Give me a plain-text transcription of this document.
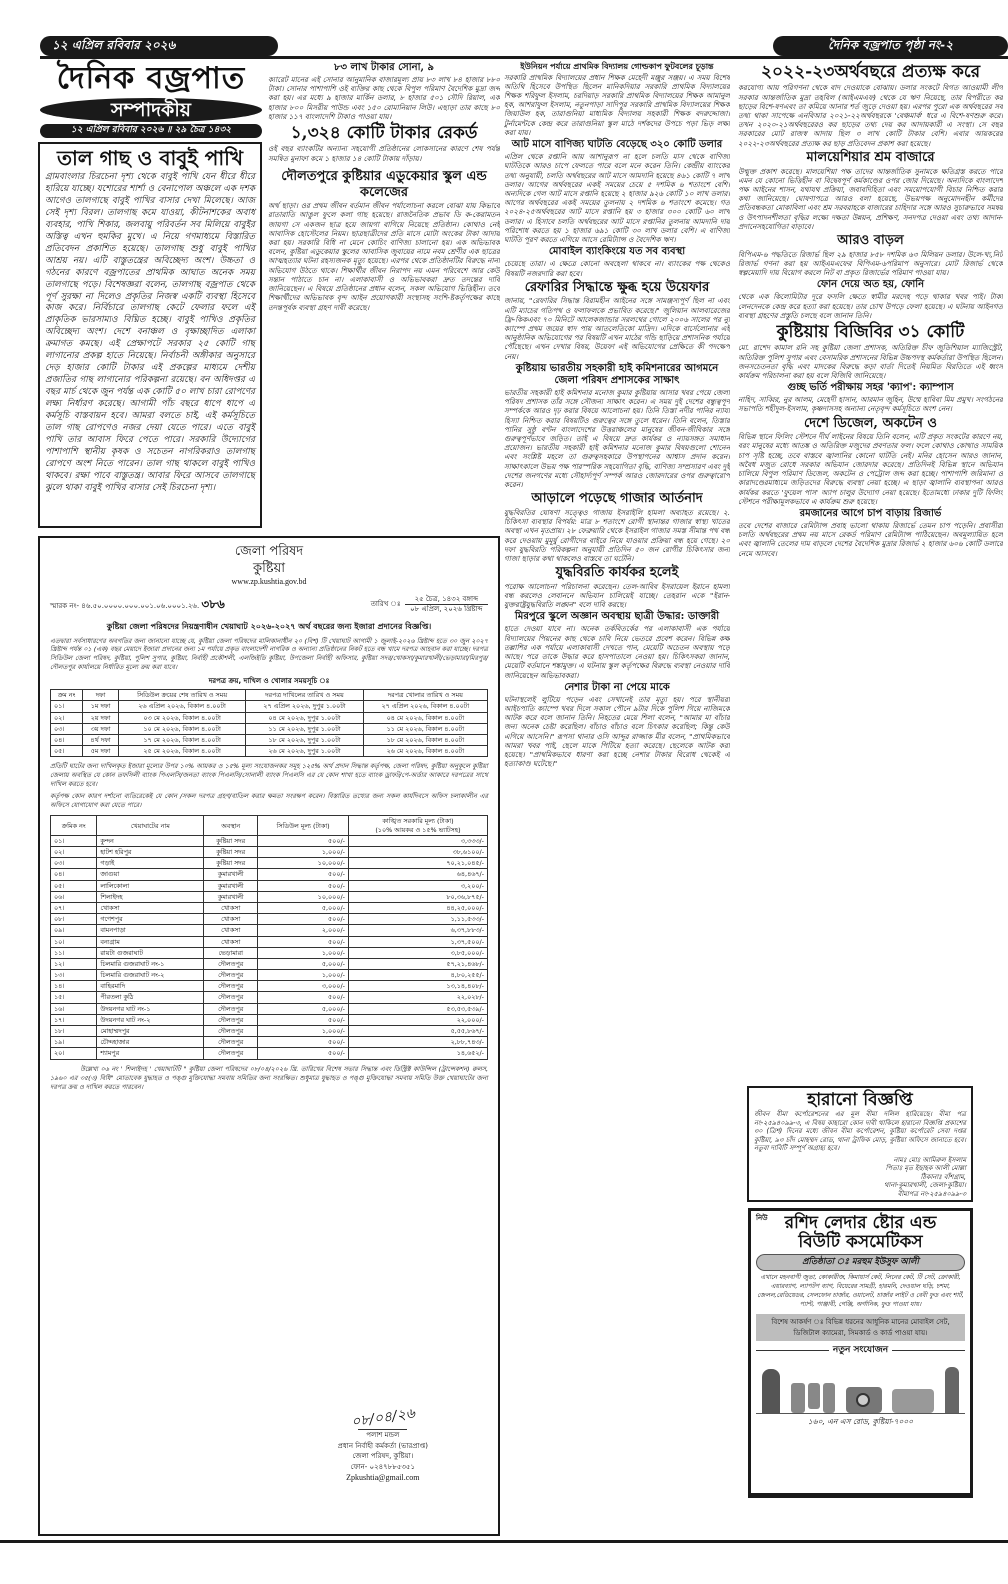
১২ এপ্রিল রবিবার ২০২৬	দৈনিক বজ্রপাত পৃষ্ঠা নং-২
দৈনিক বজ্রপাত
সম্পাদকীয়
১২ এপ্রিল রবিবার ২০২৬ ॥ ২৯ চৈত্র ১৪৩২
তাল গাছ ও বাবুই পাখি

গ্রামবাংলার চিরচেনা দৃশ্য থেকে বাবুই পাখি যেন ধীরে ধীরে হারিয়ে যাচ্ছে। যশোরের শার্শা ও বেনাপোল অঞ্চলে এক দশক আগেও তালগাছে বাবুই পাখির বাসার দেখা মিলেছে। আজ সেই দৃশ্য বিরল। তালগাছ কমে যাওয়া, কীটনাশকের অবাধ ব্যবহার, পাখি শিকার, জলবায়ু পরিবর্তন সব মিলিয়ে বাবুইর অস্তিত্ব এখন হুমকির মুখে। এ নিয়ে গণমাধ্যমে বিস্তারিত প্রতিবেদন প্রকাশিত হয়েছে। তালগাছ শুধু বাবুই পাখির আশ্রয় নয়। এটি বাস্তুতন্ত্রের অবিচ্ছেদ্য অংশ। উচ্চতা ও গঠনের কারণে বজ্রপাতের প্রাথমিক আঘাত অনেক সময় তালগাছে পড়ে। বিশেষজ্ঞরা বলেন, তালগাছ বজ্রপাত থেকে পূর্ণ সুরক্ষা না দিলেও প্রকৃতির নিজস্ব একটি ব্যবস্থা হিসেবে কাজ করে। নির্বিচারে তালগাছ কেটে ফেলার ফলে এই প্রাকৃতিক ভারসাম্যও বিঘ্নিত হচ্ছে। বাবুই পাখিও প্রকৃতির অবিচ্ছেদ্য অংশ। দেশে বনাঞ্চল ও বৃক্ষাচ্ছাদিত এলাকা ক্রমাগত কমছে। এই প্রেক্ষাপটে সরকার ২৫ কোটি গাছ লাগানোর প্রকল্প হাতে নিয়েছে। নির্বাচনী অঙ্গীকার অনুসারে দেড় হাজার কোটি টাকার এই প্রকল্পের মাধ্যমে দেশীয় প্রজাতির গাছ লাগানোর পরিকল্পনা রয়েছে। বন অধিদপ্তর এ বছর মার্চ থেকে জুন পর্যন্ত এক কোটি ৫০ লাখ চারা রোপণের লক্ষ্য নির্ধারণ করেছে। আগামী পাঁচ বছরে ধাপে ধাপে এ কর্মসূচি বাস্তবায়ন হবে। আমরা বলতে চাই, এই কর্মসূচিতে তাল গাছ রোপণেও নজর দেয়া যেতে পারে। এতে বাবুই পাখি তার আবাস ফিরে পেতে পারে। সরকারি উদ্যোগের পাশাপাশি স্থানীয় কৃষক ও সচেতন নাগরিকরাও তালগাছ রোপণে অংশ নিতে পারেন। তাল গাছ থাকলে বাবুই পাখিও থাকবে। রক্ষা পাবে বাস্তুতন্ত্র। আবার ফিরে আসবে তালগাছে ঝুলে থাকা বাবুই পাখির বাসার সেই চিরচেনা দৃশ্য।

৮৩ লাখ টাকার সোনা, ৯

ক্যারেট মানের এই সোনার আনুমানিক বাজারমূল্য প্রায় ৮৩ লাখ ৮৪ হাজার ৮৮০ টাকা। সোনার পাশাপাশি ওই ব্যক্তির কাছ থেকে বিপুল পরিমাণ বৈদেশিক মুদ্রা জব্দ করা হয়। এর মধ্যে ৯ হাজার মার্কিন ডলার, ৮ হাজার ৫০১ সৌদি রিয়াল, এক হাজার ৮০০ মিসরীয় পাউন্ড এবং ১৫০ রোমানিয়ান লিউ। এছাড়া তার কাছে ৮০ হাজার ১১৭ বাংলাদেশি টাকাও পাওয়া যায়।

১,৩২৪ কোটি টাকার রেকর্ড

ওই বছর ব্যাংকটির অন্যান্য সহযোগী প্রতিষ্ঠানের লোকসানের কারণে শেষ পর্যন্ত সমন্বিত মুনাফা কমে ১ হাজার ১৪ কোটি টাকায় দাঁড়ায়।

দৌলতপুরে কুষ্টিয়ার এডুকেয়ার স্কুল এন্ড কলেজের

অর্থ ছাড়া। ওর প্রথম জীবন বর্তমান জীবন পর্যালোচনা করলে বোঝা যায় কিভাবে রাতারাতি আঙুল ফুলে কলা গাছ হয়েছে। রাজনৈতিক প্রভাব ডি ক-কেরামতন জায়গা সে একজন ছাত্র হয়ে জায়গা বাগিয়ে নিয়েছে প্রতিষ্ঠান। কোথাও নেই আবাসিক হোস্টেলের নিয়ম। ছাত্রছাত্রীদের প্রতি মাসে মোটা অংকের টাকা আদায় করা হয়। সরকারি বিধি না মেনে কোচিং বাণিজ্য চালানো হয়। এক অভিভাবক বলেন, কুষ্টিয়া এডুকেয়ার স্কুলের আবাসিক জুবায়ের নামে নবম শ্রেণীর এক ছাত্রের আত্মহত্যার ঘটনা রহস্যজনক মৃত্যু হয়েছে। এরপর থেকে প্রতিষ্ঠানটির বিরুদ্ধে নানা অভিযোগ উঠতে থাকে। শিক্ষার্থীর জীবন নিরাপদ নয় এমন পরিবেশে আর কেউ সন্তান পাঠাতে চান না। এলাকাবাসী ও অভিভাবকরা দ্রুত তদন্তের দাবি জানিয়েছেন। এ বিষয়ে প্রতিষ্ঠানের প্রধান বলেন, সকল অভিযোগ ভিত্তিহীন। তবে শিক্ষার্থীদের অভিভাবক বৃন্দ আইন প্রয়োগকারী সংস্থাসহ সংশি-ষ্টকর্তৃপক্ষের কাছে তদন্তপূর্বক ব্যবস্থা গ্রহণ দাবী করেছে।

জেলা পরিষদ
কুষ্টিয়া
www.zp.kushtia.gov.bd
স্মারক নং- ৪৬.৫০.০০০০.০০০.০০১.০৬.০০০১.২৬. ৩৮৬	তারিখ ঃ
২৫ চৈত্র, ১৪৩২ বঙ্গাব্দ
০৮ এপ্রিল, ২০২৬ খ্রিষ্টাব্দ
কুষ্টিয়া জেলা পরিষদের নিয়ন্ত্রণাধীন খেয়াঘাট ২০২৬-২০২৭ অর্থ বছরের জন্য ইজারা প্রদানের বিজ্ঞপ্তি।

এতদ্বারা সর্বসাধারণের অবগতির জন্য জানানো যাচ্ছে যে, কুষ্টিয়া জেলা পরিষদের মালিকানাধীন ২০ (বিশ) টি খেয়াঘাট আগামী ১ জুলাই-২০২৬ খ্রিষ্টাব্দ হতে ৩০ জুন ২০২৭ খ্রিষ্টাব্দ পর্যন্ত ০১ (এক) বছর মেয়াদে ইজারা প্রদানের জন্য ১ম পর্যায়ে প্রকৃত বাংলাদেশী নাগরিক ও অন্যান্য প্রতিষ্ঠানের নিকট হতে বন্ধ খামে দরপত্র আহবান করা যাচ্ছে। দরপত্র সিডিউল জেলা পরিষদ, কুষ্টিয়া, পুলিশ সুপার, কুষ্টিয়া, নির্বাহী প্রকৌশলী, এলজিইডি কুষ্টিয়া, উপজেলা নির্বাহী অফিসার, কুষ্টিয়া সদর/খোকসা/কুমারখালী/ভেড়ামারা/মিরপুর/দৌলতপুর কার্যালয়ে নির্ধারিত মূল্যে ক্রয় করা যাবে।

দরপত্র ক্রয়, দাখিল ও খোলার সময়সূচি ঃ
ক্রম নং	দফা	সিডিউল ক্রয়ের শেষ তারিখ ও সময়	দরপত্র দাখিলের তারিখ ও সময়	দরপত্র খোলার তারিখ ও সময়
০১।	১ম দফা	২৬ এপ্রিল ২০২৬, বিকাল ৪.০০টা	২৭ এপ্রিল ২০২৬, দুপুর ১.০০টা	২৭ এপ্রিল ২০২৬, বিকাল ৪.০০টা
০২।	২য় দফা	০৩ মে ২০২৬, বিকাল ৪.০০টা	০৪ মে ২০২৬, দুপুর ১.০০টা	০৪ মে ২০২৬, বিকাল ৪.০০টা
০৩।	৩য় দফা	১০ মে ২০২৬, বিকাল ৪.০০টা	১১ মে ২০২৬, দুপুর ১.০০টা	১১ মে ২০২৬, বিকাল ৪.০০টা
০৪।	৪র্থ দফা	১৭ মে ২০২৬, বিকাল ৪.০০টা	১৮ মে ২০২৬, দুপুর ১.০০টা	১৮ মে ২০২৬, বিকাল ৪.০০টা
০৫।	৫ম দফা	২৫ মে ২০২৬, বিকাল ৪.০০টা	২৬ মে ২০২৬, দুপুর ১.০০টা	২৬ মে ২০২৬, বিকাল ৪.০০টা

প্রতিটি ঘাটের জন্য দাখিলকৃত ইজারা মূল্যের উপর ১০% আয়কর ও ১৫% মূল্য সংযোজনকর সমূহ ১২৫% অর্থ প্রদান সিদ্ধান্ত কর্তৃপক্ষ, জেলা পরিষদ, কুষ্টিয়া অনুকূলে কুষ্টিয়া জেলায় অবস্থিত যে কোন তফসিলী ব্যাংক পিএলসি/জনতা ব্যাংক পিএলসি/সোনালী ব্যাংক পিএলসি এর যে কোন শাখা হতে ব্যাংক ড্রাফট/পে-অর্ডার আকারে দরপত্রের সাথে দাখিল করতে হবে।

কর্তৃপক্ষ কোন কারণ দর্শানো ব্যতিরেকেই যে কোন /সকল দরপত্র গ্রহণ/বাতিল করার ক্ষমতা সংরক্ষণ করেন। বিস্তারিত তথ্যের জন্য সকল কার্যদিবসে অফিস চলাকালীন এর অফিসে যোগাযোগ করা যেতে পারে।

ক্রমিক নং	খেয়াঘাটের নাম	অবস্থান	সিডিউল মূল্য (টাকা)	কাঙ্খিত সরকারি মূল্য (টাকা)
(১০% আয়কর ও ১৫% ভ্যাটসহ)
০১।	কুন্দন	কুষ্টিয়া সদর	৫০০/-	৩,৩৩৩/-
০২।	হাটশ হরিপুর	কুষ্টিয়া সদর	১,০০০/-	৩৮,৬১০০/-
০৩।	গড়াই	কুষ্টিয়া সদর	১০,০০০/-	৭০,২১,০৪৫/-
০৪।	জাগুয়া	কুমারখালী	৫০০/-	৬৪,৪৬৭/-
০৫।	লালিকোলা	কুমারখালী	৫০০/-	৩,২০০/-
০৬।	শিলাইদহ	কুমারখালী	১০,০০০/-	৮০,৩৬,৮৭৫/-
০৭।	খোকসা	খোকসা	৫,০০০/-	৪৪,২৫,০০০/-
০৮।	গণেশপুর	খোকসা	৫০০/-	১,১১,৫৩৩/-
০৯।	বামনপাড়া	খোকসা	২,০০০/-	৬,৩৭,৮৮৩/-
১০।	বন্যগ্রাম	খোকসা	৫০০/-	১,৩৭,৫০০/-
১১।	রায়টা গুজরাঘাট	ভেড়ামারা	১,০০০/-	৩,৮৫,০০০/-
১২।	চিলমারি গুজরাঘাট নং-১	দৌলতপুর	৫,০০০/-	৫৭,২১,৪৬৮/-
১৩।	চিলমারি গুজরাঘাট নং-২	দৌলতপুর	১,০০০/-	৪,৮০,২৫৫/-
১৪।	বাহিরমাদি	দৌলতপুর	৩,০০০/-	১৩,১৪,৪০৮/-
১৫।	পীরতলা কুঠি	দৌলতপুর	৫০০/-	২২,০২৮/-
১৬।	উদয়নগর ঘাট নং-১	দৌলতপুর	৫,০০০/-	৫৩,৫৩,৫৩৯/-
১৭।	উদয়নগর ঘাট নং-২	দৌলতপুর	৫০০/-	২২,০০০/-
১৮।	মোহাম্মদপুর	দৌলতপুর	১,০০০/-	৫,৫৫,৮৬৭/-
১৯।	চৌদ্দহাজার	দৌলতপুর	৫০০/-	২,৮৮,৭৪৩/-
২০।	শ্যামপুর	দৌলতপুর	৫০০/-	১৪,৬৫২/-

উল্লেখ্য ০৬ নং ' শিলাইদহ ' খেয়াঘাটটি " কুষ্টিয়া জেলা পরিষদের ০৮/০৪/২০২৬ খ্রি. তারিখের বিশেষ সভার সিদ্ধান্ত এবং ডিস্ট্রিক্ট কাউন্সিল (ট্রান্সেকশন) রুলস, ১৯৬০ এর ৩৫(৩) বিধি" মোতাবেক যুদ্ধাহত ও পঙ্গু মুক্তিযোদ্ধা সমবায় সমিতির জন্য সংরক্ষিত। শুধুমাত্র যুদ্ধাহত ও পঙ্গু মুক্তিযোদ্ধা সমবায় সমিতি উক্ত খেয়াঘাটের জন্য দরপত্র ক্রয় ও দাখিল করতে পারবেন।

০৮/০৪/২৬
পলাশ মন্ডল
প্রধান নির্বাহী কর্মকর্তা (ভারপ্রাপ্ত)
জেলা পরিষদ, কুষ্টিয়া।
ফোন- ০২৪৭৮৮৫৩৫১
Zpkushtia@gmail.com
ইউনিয়ন পর্যায়ে প্রাথমিক বিদ্যালয় গোল্ডকাপ ফুটবলের চূড়ান্ত

সরকারি প্রাথমিক বিদ্যালয়ের প্রধান শিক্ষক মেহেদী মঞ্জুর সঞ্জয়। এ সময় বিশেষ অতিথি হিসেবে উপস্থিত ছিলেন মানিকদিয়ার সরকারি প্রাথমিক বিদ্যালয়ের শিক্ষক শরিফুল ইসলাম, চরদিয়াড় সরকারি প্রাথমিক বিদ্যালয়ের শিক্ষক আমানুল হক, আশরাফুল ইসলাম, নতুনপাড়া সাদিপুর সরকারি প্রাথমিক বিদ্যালয়ের শিক্ষক জিয়াউল হক, তারাগুনিয়া মাধ্যমিক বিদ্যালয় সহকারী শিক্ষক বদরুদ্দোজা। টুর্নামেন্টকে কেন্দ্র করে তারাগুনিয়া স্কুল মাঠে দর্শকদের উপচে পড়া ভিড় লক্ষ্য করা যায়।

আট মাসে বাণিজ্য ঘাটতি বেড়েছে ৩২০ কোটি ডলার

এপ্রিল থেকে রপ্তানি আয় আশানুরূপ না হলে চলতি মাস থেকে বাণিজ্য ঘাটতিকে আরও চাপে ফেলতে পারে বলে মনে করেন তিনি। কেন্দ্রীয় ব্যাংকের তথ্য অনুযায়ী, চলতি অর্থবছরের আট মাসে আমদানি হয়েছে ৪৬১ কোটি ৭ লাখ ডলার। আগের অর্থবছরের একই সময়ের চেয়ে ৫ দশমিক ৬ শতাংশে বেশি। অন্যদিকে গেল আট মাসে রপ্তানি হয়েছে ২ হাজার ৯২৬ কোটি ১০ লাখ ডলার। আগের অর্থবছরের একই সময়ের তুলনায় ২ দশমিক ৬ শতাংশে কমেছে। গত ২০২৪-২৫অর্থবছরের আট মাসে রপ্তানি হয় ৩ হাজার ৩০০ কোটি ৬০ লাখ ডলার। এ হিসাবে চলতি অর্থবছরের আট মাসে রপ্তানির তুলনায় আমদানি দায় পরিশোধ করতে হয় ১ হাজার ৬৯১ কোটি ৩০ লাখ ডলার বেশি। এ বাণিজ্য ঘাটতি পূরণ করতে এগিয়ে আসে রেমিট্যান্স ও বৈদেশিক ঋণ।

মোবাইল ব্যাংকিংয়ে যত সব ব্যবস্থা

চেয়েছে তারা। এ ক্ষেত্রে কোনো অবহেলা থাকবে না। ব্যাংকের পক্ষ থেকেও বিষয়টি নজরদারি করা হবে।

রেফারির সিদ্ধান্তে ক্ষুব্ধ হয়ে উয়েফার

জানায়, "রেফারির সিদ্ধান্ত বিরামহীন আইনের সঙ্গে সামঞ্জস্যপূর্ণ ছিল না এবং এটি ম্যাচের গতিপথ ও ফলাফলকে প্রভাবিত করেছে।" জুলিয়ান আলবারেজের ফ্রি-কিকএবং ৭০ মিনিটে আলেকজান্ডার সরলথের গোলে ২০০৬ সালের পর ন্যু ক্যাম্পে প্রথম জয়ের স্বাদ পায় আতলেতিকো মাদ্রিদ। এদিকে বার্সেলোনার এই আনুষ্ঠানিক অভিযোগের পর বিষয়টি এখন মাঠের গন্ডি ছাড়িয়ে প্রশাসনিক পর্যায়ে পৌঁছেছে। এখন দেখার বিষয়, উয়েফা এই অভিযোগের প্রেক্ষিতে কী পদক্ষেপ নেয়।

কুষ্টিয়ায় ভারতীয় সহকারী হাই কমিশনারের আগমনে জেলা পরিষদ প্রশাসকের সাক্ষাৎ

ভারতীয় সহকারী হাই কমিশনার মনোজ কুমার কুষ্টিয়ায় আসার খবর পেয়ে জেলা পরিষদ প্রশাসক তাঁর সঙ্গে সৌজন্য সাক্ষাৎ করেন। এ সময় দুই দেশের বন্ধুত্বপূর্ণ সম্পর্ককে আরও দৃঢ় করার বিষয়ে আলোচনা হয়। তিনি তিস্তা নদীর পানির ন্যায্য হিস্যা নিশ্চিত করার বিষয়টিও গুরুত্বের সঙ্গে তুলে ধরেন। তিনি বলেন, তিস্তার পানির সুষ্ঠু বণ্টন বাংলাদেশের উত্তরাঞ্চলের মানুষের জীবন-জীবিকার সঙ্গে গুরুত্বপূর্ণভাবে জড়িত। তাই এ বিষয়ে দ্রুত কার্যকর ও ন্যায়সঙ্গত সমাধান প্রয়োজন। ভারতীয় সহকারী হাই কমিশনার মনোজ কুমার বিষয়গুলো শোনেন এবং সংশ্লিষ্ট মহলে তা গুরুত্বসহকারে উপস্থাপনের আশ্বাস প্রদান করেন। সাক্ষাৎকালে উভয় পক্ষ পারস্পরিক সহযোগিতা বৃদ্ধি, বাণিজ্য সম্প্রসারণ এবং দুই দেশের জনগণের মধ্যে সৌহার্দ্যপূর্ণ সম্পর্ক আরও জোরদারের ওপর গুরুত্বারোপ করেন।

আড়ালে পড়েছে গাজার আর্তনাদ

যুদ্ধবিরতির ঘোষণা সত্ত্বেও গাজায় ইসরাইলি হামলা অব্যাহত রয়েছে। ২. চিকিৎসা ব্যবস্থার বিপর্যয়: মাত্র ৮ শতাংশে রোগী স্থানান্তর গাজার স্বাস্থ্য খাতের অবস্থা এখন মৃতপ্রায়। ২৮ ফেব্রুয়ারি থেকে ইসরাইল গাজার সমস্ত সীমান্ত পথ বন্ধ করে দেওয়ায় মুমূর্ষু রোগীদের বাইরে নিয়ে যাওয়ার প্রক্রিয়া বন্ধ হয়ে গেছে। ২০ দফা যুদ্ধবিরতি পরিকল্পনা অনুযায়ী প্রতিদিন ৫০ জন রোগীর চিকিৎসার জন্য গাজা ছাড়ার কথা থাকলেও বাস্তবে তা ঘটেনি।

যুদ্ধবিরতি কার্যকর হলেই

পরোক্ষ আলোচনা পরিচালনা করেছেন। তেল-আবিব ইসরায়েল ইরানে হামলা বন্ধ করলেও লেবাননে অভিযান চালিয়েই যাচ্ছে। তেহরান একে "ইরান-যুক্তরাষ্ট্রযুদ্ধবিরতি লঙ্ঘন" বলে দাবি করছে।

মিরপুরে স্কুলে অজ্ঞান অবস্থায় ছাত্রী উদ্ধার: ডাক্তারী

হাতে দেওয়া যাবে না। অনেক তর্কবিতর্কের পর এলাকাবাসী এক পর্যায়ে বিদ্যালয়ের পিয়নের কাছ থেকে চাবি নিয়ে ভেতরে প্রবেশ করেন। বিভিন্ন কক্ষ তল্লাশির এক পর্যায়ে এলাকাবাসী দেখতে পান, মেয়েটি অচেতন অবস্থায় পড়ে আছে। পরে তাকে উদ্ধার করে হাসপাতালে নেওয়া হয়। চিকিৎসকরা জানান, মেয়েটি বর্তমানে শঙ্কামুক্ত। এ ঘটনায় স্কুল কর্তৃপক্ষের বিরুদ্ধে ব্যবস্থা নেওয়ার দাবি জানিয়েছেন অভিভাবকরা।

নেশার টাকা না পেয়ে মাকে

ঘটনাস্থলেই লুটিয়ে পড়েন এবং সেখানেই তার মৃত্যু হয়। পরে স্থানীয়রা আইচপাতি ক্যাম্পে খবর দিলে সকাল পৌনে ৯টার দিকে পুলিশ গিয়ে নাজিমকে আটক করে বলে জানান তিনি। নিহতের মেয়ে শিলা বলেন, "আমার মা বাঁচার জন্য অনেক চেষ্টা করেছিল। বাঁচাও বাঁচাও বলে চিৎকার করেছিল; কিন্তু কেউ এগিয়ে আসেনি।" রূপসা থানার ওসি আব্দুর রাজ্জাক মীর বলেন, "প্রাথমিকভাবে আমরা খবর পাই, ছেলে মাকে পিটিয়ে হত্যা করেছে। ছেলেকে আটক করা হয়েছে। "প্রাথমিকভাবে ধারণা করা হচ্ছে নেশার টাকার বিরোধ থেকেই এ হত্যাকাণ্ড ঘটেছে।"

২০২২-২৩অর্থবছরে প্রত্যক্ষ করে

করযোগ্য আয় পরিগণনা থেকে বাদ দেওয়াকে বোঝায়। ডলার সংকটে বিগত আওয়ামী লীগ সরকার আন্তর্জাতিক মুদ্রা তহবিল (আইএমএফ) থেকে যে ঋণ নিয়েছে, তার বিপরীতে কর ছাড়ের বিশে-ষণএবং তা কমিয়ে আনার শর্ত জুড়ে দেওয়া হয়। এরপর পুরো এক অর্থবছরের সব তথ্য থাকা সাপেক্ষে এনবিআর ২০২১-২২অর্থবছরকে 'বেঞ্চমার্ক' ধরে এ বিশে-ষণশুরু করে। তখন ২০২০-২১অর্থবছরেরও কর ছাড়ের তথ্য দেয় কর আদায়কারী এ সংস্থা। সে বছর সরকারের মোট রাজস্ব আদায় ছিল ৩ লাখ কোটি টাকার বেশি। এবার আয়করের ২০২২-২৩অর্থবছরের প্রত্যক্ষ কর ছাড় প্রতিবেদন প্রকাশ করা হয়েছে।

মালয়েশিয়ার শ্রম বাজারে

উন্মুক্ত প্রকাশ করেছে। মালয়েশিয়া পক্ষ তাদের আন্তর্জাতিক সুনামকে ক্ষতিগ্রস্ত করতে পারে এমন যে কোনো ভিত্তিহীন বা বিদ্বেষপূর্ণ কর্মকাণ্ডের ওপর জোর দিয়েছে। অন্যদিকে বাংলাদেশ পক্ষ আইনের শাসন, যথাযথ প্রক্রিয়া, জবাবদিহিতা এবং সময়োপযোগী বিচার নিশ্চিত করার কথা জানিয়েছে। ঘোষণাপত্রে আরও বলা হয়েছে, উভয়পক্ষ অনুমোদনহীন কর্মীদের প্রতিবন্ধকতা মোকাবিলা এবং শ্রম সরবরাহকে বাজারের চাহিদার সঙ্গে আরও সুচারুভাবে সমন্বয় ও উৎপাদনশীলতা বৃদ্ধির লক্ষ্যে দক্ষতা উন্নয়ন, প্রশিক্ষণ, সনদপত্র দেওয়া এবং তথ্য আদান-প্রদানেসহযোগিতা বাড়াবে।

আরও বাড়ল

বিপিএম-৬ পদ্ধতিতে রিজার্ভ ছিল ২৯ হাজার ৮৫৮ দশমিক ৬৩ মিলিয়ন ডলার। উলে-খ্য,নিট রিজার্ভ গণনা করা হয় আইএমএফের বিপিএম-৬পরিমাপ অনুসারে। মোট রিজার্ভ থেকে স্বল্পমেয়াদি দায় বিয়োগ করলে নিট বা প্রকৃত রিজার্ভের পরিমাণ পাওয়া যায়।

ফোন দেয়ে অত হয়, ফোনি

থেকে এক কিলোমিটার দূরে ফসলি ক্ষেতে স্বামীর মরদেহ পড়ে থাকার খবর পাই। টাকা লেনদেনকে কেন্দ্র করে হত্যা করা হয়েছে। তার চোখ উপড়ে ফেলা হয়েছে। এ ঘটনায় আইনগত ব্যবস্থা গ্রহণের প্রস্তুতি চলছে বলে জানান তিনি।

কুষ্টিয়ায় বিজিবির ৩১ কোটি

মো. রাশেদ কামাল রনি সহ কুষ্টিয়া জেলা প্রশাসক, অতিরিক্ত চীফ জুডিশিয়াল ম্যাজিস্ট্রেট, অতিরিক্ত পুলিশ সুপার এবং বেসামরিক প্রশাসনের বিভিন্ন উচ্চপদস্থ কর্মকর্তারা উপস্থিত ছিলেন। জনসচেতনতা বৃদ্ধি এবং মাদকের বিরুদ্ধে কড়া বার্তা দিতেই নিয়মিত বিরতিতে এই ধ্বংস কার্যক্রম পরিচালনা করা হয় বলে বিজিবি জানিয়েছে।

গুচ্ছ ভর্তি পরীক্ষায় সহর 'ক্যাপ': ক্যাম্পাস

নাহিদ, সাব্বির, নুর আলম, মেহেদী হাসান, আরমান জুহিন, উম্মে হাবিবা মিম প্রমুখ। সংগঠনের সভাপতি শহীদুল-ইসলাম, কৃষ্ণদাসসহ অন্যান্য নেতৃবৃন্দ কর্মসূচিতে অংশ নেন।

দেশে ডিজেল, অকটেন ও

বিভিন্ন স্থানে ফিলিং স্টেশনে দীর্ঘ লাইনের বিষয়ে তিনি বলেন, এটি প্রকৃত সংকটের কারণে নয়, বরং মানুষের মধ্যে আতঙ্ক ও অতিরিক্ত মজুদের প্রবণতার ফল। ফলে কোথাও কোথাও সাময়িক চাপ সৃষ্টি হচ্ছে, তবে বাস্তবে জ্বালানির কোনো ঘাটতি নেই। মনির হোসেন আরও জানান, অবৈধ মজুত রোধে সরকার অভিযান জোরদার করেছে। প্রতিদিনই বিভিন্ন স্থানে অভিযান চালিয়ে বিপুল পরিমাণ ডিজেল, অকটেন ও পেট্রোল জব্দ করা হচ্ছে। পাশাপাশি জরিমানা ও কারাদণ্ডেরমাধ্যমে জড়িতদের বিরুদ্ধে ব্যবস্থা নেয়া হচ্ছে। এ ছাড়া জ্বালানি ব্যবস্থাপনা আরও কার্যকর করতে 'ফুয়েল পাস' অ্যাপ চালুর উদ্যোগ নেয়া হয়েছে। ইতোমধ্যে ঢাকার দুটি ফিলিং স্টেশনে পরীক্ষামূলকভাবে এ কার্যক্রম শুরু হয়েছে।

রমজানের আগে চাপ বাড়ায় রিজার্ভ

তবে দেশের বাজারে রেমিট্যান্স প্রবাহ ভালো থাকায় রিজার্ভে তেমন চাপ পড়েনি। প্রবাসীরা চলতি অর্থবছরের প্রথম নয় মাসে রেকর্ড পরিমাণ রেমিট্যান্স পাঠিয়েছেন। অবমূল্যায়িত হলে এবং জ্বালানি তেলের দাম বাড়লে দেশের বৈদেশিক মুদ্রার রিজার্ভ ২ হাজার ৬০৬ কোটি ডলারে নেমে আসবে।

হারানো বিজ্ঞপ্তি

জীবন বীমা কর্পোরেশনের এর মূল বীমা দলিল হারিয়েছে। বীমা পত্র নং-২৫৯৪০৯৯-৩, এ বিষয় কাহারো কোন দাবী থাকিলে হারানো বিজ্ঞপ্তি প্রকাশের ৩০ (ত্রিশ) দিনের মধ্যে জীবন বীমা কর্পোরেশন, কুষ্টিয়া কর্পোরেট সেবা দপ্তর কুষ্টিয়া, ৯৩ চাঁদ মোহম্মদ রোড, থানা ট্রাফিক মোড়, কুষ্টিয়া অফিসে জানাতে হবে। নতুবা দাবিটি সম্পূর্ণ অগ্রাহ্য হবে।

নামঃ মোঃ আমিরুল ইসলাম
পিতাঃ মৃত ইছাহক আলী মোল্লা
ঠিকানাঃ বাঁশগ্রাম,
থানা-কুমারখালী, জেলা-কুষ্টিয়া।
বীমাপত্র নং-২৫৯৪০৯৯-৩
নিউ	রশিদ লেদার ষ্টোর এন্ড
বিউটি কসমেটিকস
প্রতিষ্ঠাতা ঃ মরহুম ইউসুফ আলী

এখানে মহনবাগী জুতা, কোকারীজ, কিমায়ার্স কেট, লিনের কেট, টি সেট, ক্রোকারী, এয়ারব্যাগ, ল্যাপটপ ব্যাগ, বিয়েরের সামগ্রী, হারমনি, দেওয়াল ঘড়ি, চশমা, জেলল,রেডিয়েডর, সেলফোন চার্জার, ওয়ালেট, চার্জার লাইট ও বেবী ফুড এবং শার্ট, প্যান্ট, পাঞ্জাবী, গেঞ্জি, অর্গানিক, ফুড পাওয়া যায়।

বিশেষ আকর্ষণ ঃ বিভিন্ন ধরনের আধুনিক মানের মোবাইল সেট, ডিজিটাল ক্যামেরা, সিমকার্ড ও কার্ড পাওয়া যায়।
নতুন সংযোজন
১৬০, এন এস রোড, কুষ্টিয়া-৭০০০
